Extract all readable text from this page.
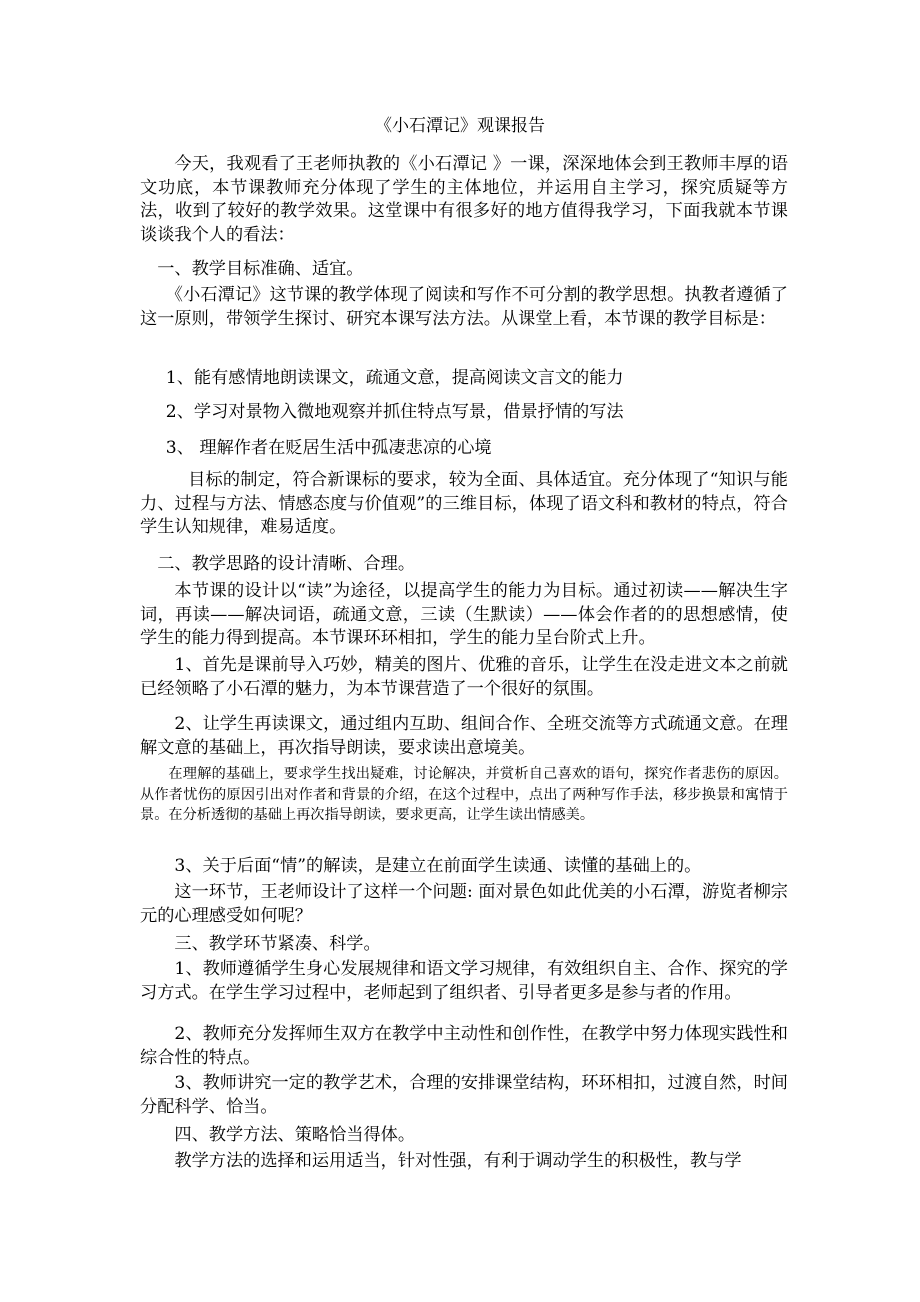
《小石潭记》观课报告

今天，我观看了王老师执教的《小石潭记 》一课，深深地体会到王教师丰厚的语文功底，本节课教师充分体现了学生的主体地位，并运用自主学习，探究质疑等方法，收到了较好的教学效果。这堂课中有很多好的地方值得我学习，下面我就本节课谈谈我个人的看法：

一、教学目标准确、适宜。

《小石潭记》这节课的教学体现了阅读和写作不可分割的教学思想。执教者遵循了这一原则，带领学生探讨、研究本课写法方法。从课堂上看，本节课的教学目标是：

1、能有感情地朗读课文，疏通文意，提高阅读文言文的能力

2、学习对景物入微地观察并抓住特点写景，借景抒情的写法

3、 理解作者在贬居生活中孤凄悲凉的心境

目标的制定，符合新课标的要求，较为全面、具体适宜。充分体现了“知识与能力、过程与方法、情感态度与价值观”的三维目标，体现了语文科和教材的特点，符合学生认知规律，难易适度。

二、教学思路的设计清晰、合理。

本节课的设计以“读”为途径，以提高学生的能力为目标。通过初读——解决生字词，再读——解决词语，疏通文意，三读（生默读）——体会作者的的思想感情，使学生的能力得到提高。本节课环环相扣，学生的能力呈台阶式上升。

1、首先是课前导入巧妙，精美的图片、优雅的音乐，让学生在没走进文本之前就已经领略了小石潭的魅力，为本节课营造了一个很好的氛围。

2、让学生再读课文，通过组内互助、组间合作、全班交流等方式疏通文意。在理解文意的基础上，再次指导朗读，要求读出意境美。

在理解的基础上，要求学生找出疑难，讨论解决，并赏析自己喜欢的语句，探究作者悲伤的原因。从作者忧伤的原因引出对作者和背景的介绍，在这个过程中，点出了两种写作手法，移步换景和寓情于景。在分析透彻的基础上再次指导朗读，要求更高，让学生读出情感美。

3、关于后面“情”的解读，是建立在前面学生读通、读懂的基础上的。

这一环节，王老师设计了这样一个问题: 面对景色如此优美的小石潭，游览者柳宗元的心理感受如何呢？

三、教学环节紧凑、科学。

1、教师遵循学生身心发展规律和语文学习规律，有效组织自主、合作、探究的学习方式。在学生学习过程中，老师起到了组织者、引导者更多是参与者的作用。

2、教师充分发挥师生双方在教学中主动性和创作性，在教学中努力体现实践性和综合性的特点。

3、教师讲究一定的教学艺术，合理的安排课堂结构，环环相扣，过渡自然，时间分配科学、恰当。

四、教学方法、策略恰当得体。

教学方法的选择和运用适当，针对性强，有利于调动学生的积极性，教与学
